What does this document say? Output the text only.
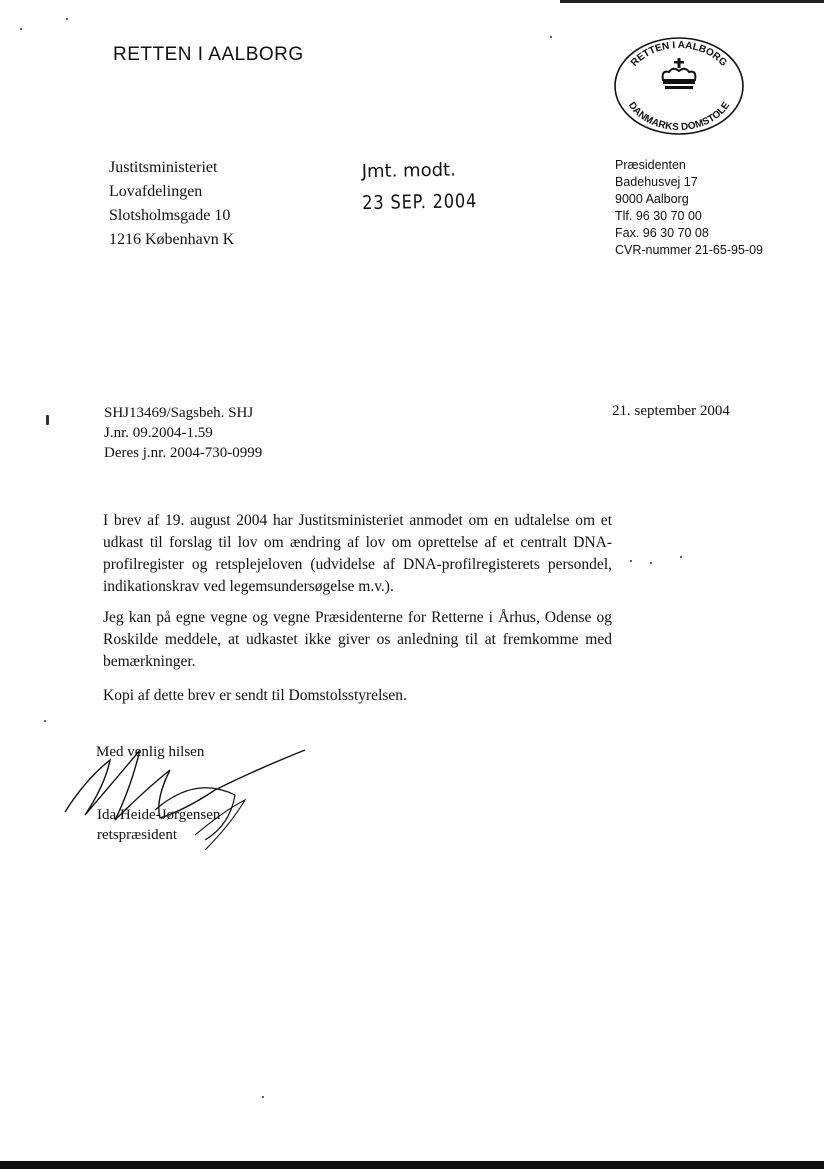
RETTEN I AALBORG	RETTEN I AALBORG
DANMARKS DOMSTOLE
Justitsministeriet
Lovafdelingen
Slotsholmsgade 10
1216 København K
Jmt. modt.
23 SEP. 2004
Præsidenten
Badehusvej 17
9000 Aalborg
Tlf. 96 30 70 00
Fax. 96 30 70 08
CVR-nummer 21-65-95-09
SHJ13469/Sagsbeh. SHJ
J.nr. 09.2004-1.59
Deres j.nr. 2004-730-0999
21. september 2004
I brev af 19. august 2004 har Justitsministeriet anmodet om en udtalelse om et udkast til forslag til lov om ændring af lov om oprettelse af et centralt DNA-profilregister og retsplejeloven (udvidelse af DNA-profilregisterets persondel, indikationskrav ved legemsundersøgelse m.v.).
Jeg kan på egne vegne og vegne Præsidenterne for Retterne i Århus, Odense og Roskilde meddele, at udkastet ikke giver os anledning til at fremkomme med bemærkninger.
Kopi af dette brev er sendt til Domstolsstyrelsen.
Med venlig hilsen
Ida Heide-Jørgensen
retspræsident
